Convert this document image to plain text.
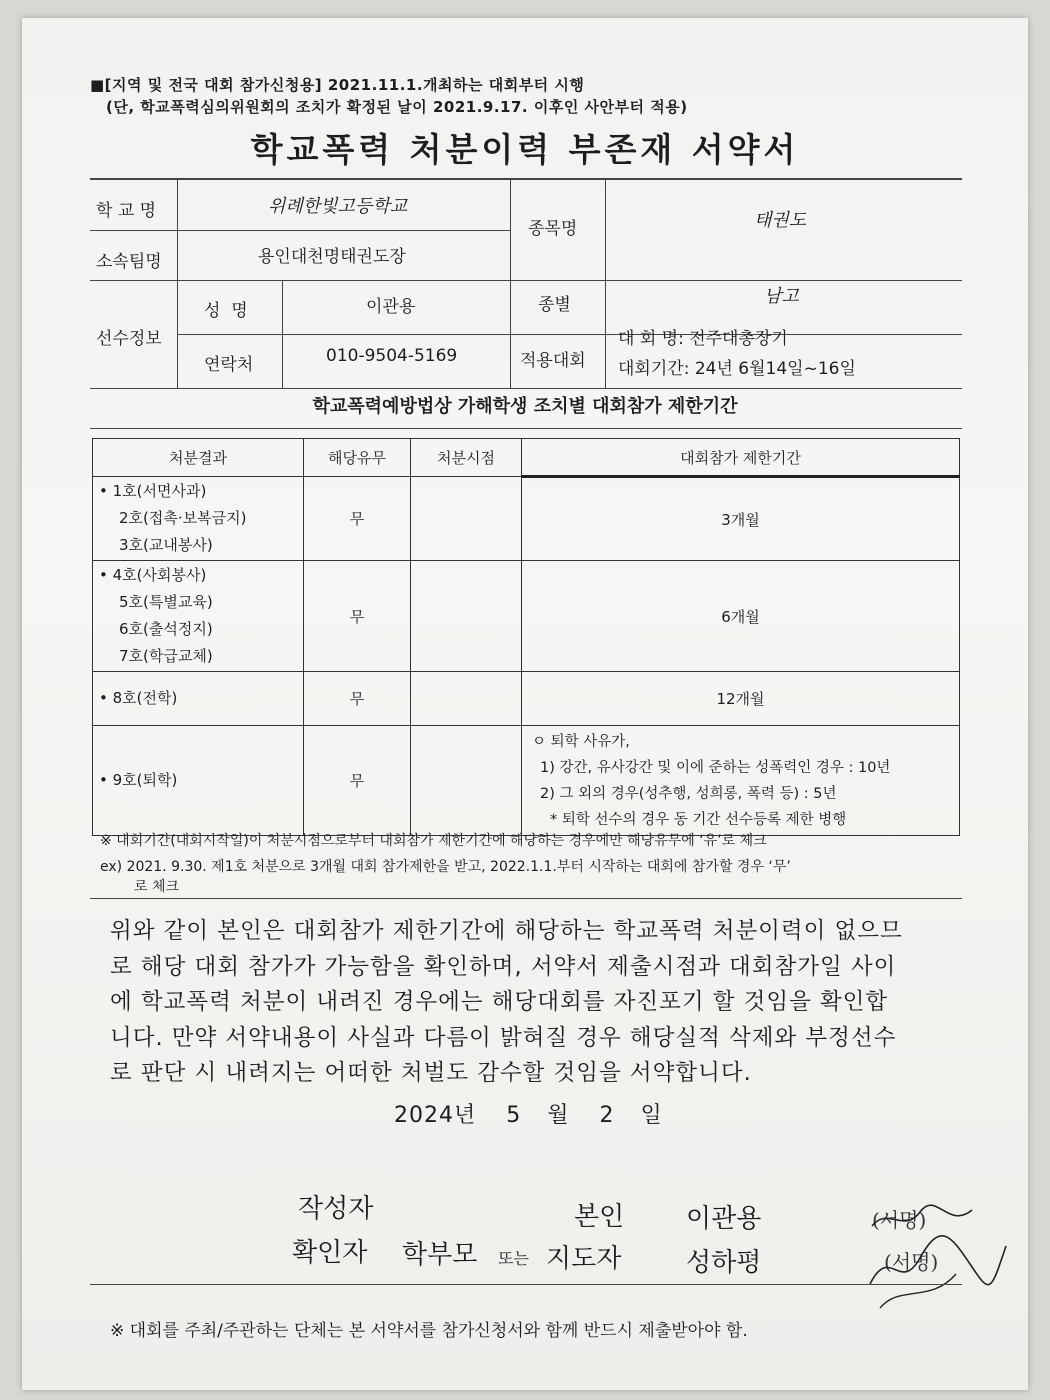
■[지역 및 전국 대회 참가신청용] 2021.11.1.개최하는 대회부터 시행
(단, 학교폭력심의위원회의 조치가 확정된 날이 2021.9.17. 이후인 사안부터 적용)
학교폭력 처분이력 부존재 서약서
학 교 명	위례한빛고등학교
소속팀명	용인대천명태권도장
종목명	태권도
선수정보
성  명	이관용
연락처	010-9504-5169
종별	남고
적용대회
대 회 명: 전주대총장기
대회기간: 24년 6월14일~16일
학교폭력예방법상 가해학생 조치별 대회참가 제한기간
처분결과	해당유무	처분시점	대회참가 제한기간

• 1호(서면사과)
2호(접촉·보복금지)
3호(교내봉사)	무		3개월

• 4호(사회봉사)
5호(특별교육)
6호(출석정지)
7호(학급교체)	무		6개월

• 8호(전학)	무		12개월

• 9호(퇴학)	무		ㅇ 퇴학 사유가,
1) 강간, 유사강간 및 이에 준하는 성폭력인 경우 : 10년
2) 그 외의 경우(성추행, 성희롱, 폭력 등) : 5년
* 퇴학 선수의 경우 동 기간 선수등록 제한 병행
※ 대회기간(대회시작일)이 처분시점으로부터 대회참가 제한기간에 해당하는 경우에만 해당유무에 ‘유’로 체크
ex) 2021. 9.30. 제1호 처분으로 3개월 대회 참가제한을 받고, 2022.1.1.부터 시작하는 대회에 참가할 경우 ‘무’
로 체크
위와 같이 본인은 대회참가 제한기간에 해당하는 학교폭력 처분이력이 없으므
로 해당 대회 참가가 가능함을 확인하며, 서약서 제출시점과 대회참가일 사이
에 학교폭력 처분이 내려진 경우에는 해당대회를 자진포기 할 것임을 확인합
니다. 만약 서약내용이 사실과 다름이 밝혀질 경우 해당실적 삭제와 부정선수
로 판단 시 내려지는 어떠한 처벌도 감수할 것임을 서약합니다.
2024년 5 월 2 일
작성자	본인 이관용	(서명)
확인자 학부모 또는 지도자 성하평	(서명)
※ 대회를 주최/주관하는 단체는 본 서약서를 참가신청서와 함께 반드시 제출받아야 함.
